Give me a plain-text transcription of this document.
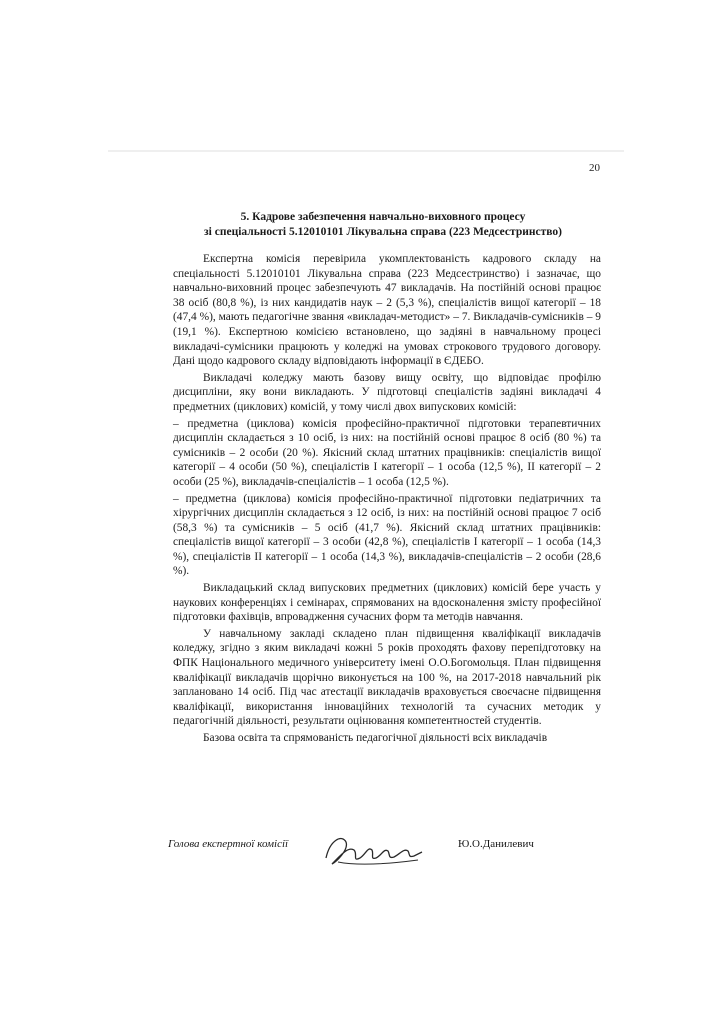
20
5. Кадрове забезпечення навчально-виховного процесу
зі спеціальності 5.12010101 Лікувальна справа (223 Медсестринство)

Експертна комісія перевірила укомплектованість кадрового складу на спеціальності 5.12010101 Лікувальна справа (223 Медсестринство) і зазначає, що навчально-виховний процес забезпечують 47 викладачів. На постійній основі працює 38 осіб (80,8 %), із них кандидатів наук – 2 (5,3 %), спеціалістів вищої категорії – 18 (47,4 %), мають педагогічне звання «викладач-методист» – 7. Викладачів-сумісників – 9 (19,1 %). Експертною комісією встановлено, що задіяні в навчальному процесі викладачі-сумісники працюють у коледжі на умовах строкового трудового договору. Дані щодо кадрового складу відповідають інформації в ЄДЕБО.

Викладачі коледжу мають базову вищу освіту, що відповідає профілю дисципліни, яку вони викладають. У підготовці спеціалістів задіяні викладачі 4 предметних (циклових) комісій, у тому числі двох випускових комісій:

– предметна (циклова) комісія професійно-практичної підготовки терапевтичних дисциплін складається з 10 осіб, із них: на постійній основі працює 8 осіб (80 %) та сумісників – 2 особи (20 %). Якісний склад штатних працівників: спеціалістів вищої категорії – 4 особи (50 %), спеціалістів I категорії – 1 особа (12,5 %), II категорії – 2 особи (25 %), викладачів-спеціалістів – 1 особа (12,5 %).

– предметна (циклова) комісія професійно-практичної підготовки педіатричних та хірургічних дисциплін складається з 12 осіб, із них: на постійній основі працює 7 осіб (58,3 %) та сумісників – 5 осіб (41,7 %). Якісний склад штатних працівників: спеціалістів вищої категорії – 3 особи (42,8 %), спеціалістів I категорії – 1 особа (14,3 %), спеціалістів II категорії – 1 особа (14,3 %), викладачів-спеціалістів – 2 особи (28,6 %).

Викладацький склад випускових предметних (циклових) комісій бере участь у наукових конференціях і семінарах, спрямованих на вдосконалення змісту професійної підготовки фахівців, впровадження сучасних форм та методів навчання.

У навчальному закладі складено план підвищення кваліфікації викладачів коледжу, згідно з яким викладачі кожні 5 років проходять фахову перепідготовку на ФПК Національного медичного університету імені О.О.Богомольця. План підвищення кваліфікації викладачів щорічно виконується на 100 %, на 2017-2018 навчальний рік заплановано 14 осіб. Під час атестації викладачів враховується своєчасне підвищення кваліфікації, використання інноваційних технологій та сучасних методик у педагогічній діяльності, результати оцінювання компетентностей студентів.

Базова освіта та спрямованість педагогічної діяльності всіх викладачів

Голова експертної комісії	Ю.О.Данилевич
